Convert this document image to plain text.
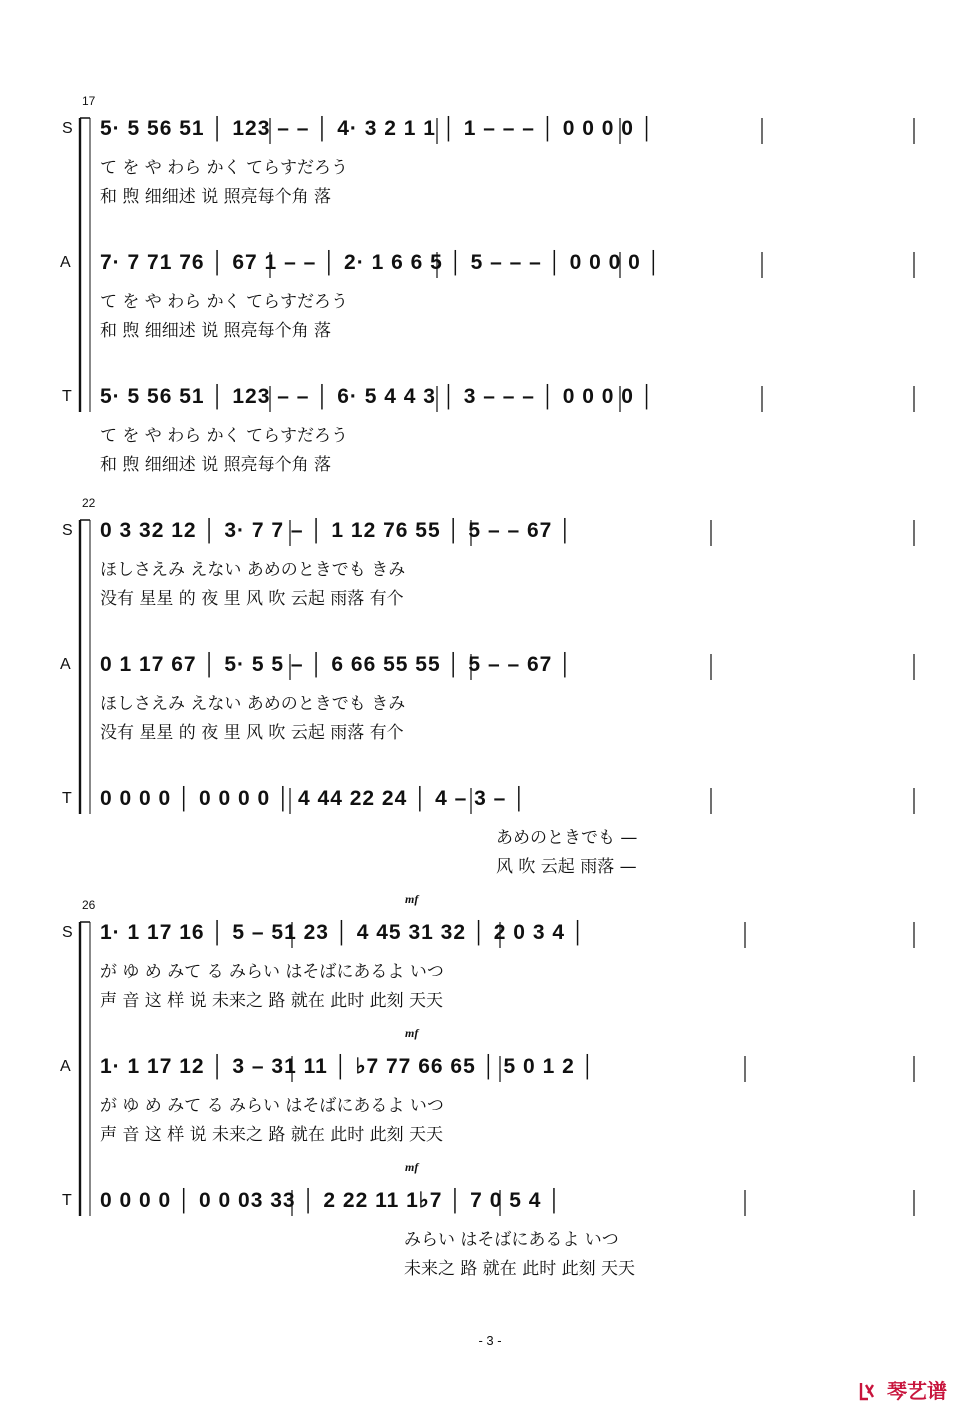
17
S 5· 5 56 51 │ 123 – – │ 4· 3 2 1 1 │ 1 – – – │ 0 0 0 0 │
て を や わら かく てらすだろう
和 煦 细细述 说 照亮每个角 落
A 7· 7 71 76 │ 67 1 – – │ 2· 1 6 6 5 │ 5 – – – │ 0 0 0 0 │
て を や わら かく てらすだろう
和 煦 细细述 说 照亮每个角 落
T 5· 5 56 51 │ 123 – – │ 6· 5 4 4 3 │ 3 – – – │ 0 0 0 0 │
て を や わら かく てらすだろう
和 煦 细细述 说 照亮每个角 落
22
S 0 3 32 12 │ 3· 7 7 – │ 1 12 76 55 │ 5 – – 67 │
ほしさえみ えない あめのときでも きみ
没有 星星 的 夜 里 风 吹 云起 雨落 有个
A 0 1 17 67 │ 5· 5 5 – │ 6 66 55 55 │ 5 – – 67 │
ほしさえみ えない あめのときでも きみ
没有 星星 的 夜 里 风 吹 云起 雨落 有个
T 0 0 0 0 │ 0 0 0 0 │ 4 44 22 24 │ 4 – 3 – │
あめのときでも —
风 吹 云起 雨落 —
26
S 1· 1 17 16 │ 5 – 51 23 │ 4 45 31 32 │ 2 0 3 4 │
が ゆ め みて る みらい はそばにあるよ いつ
声 音 这 样 说 未来之 路 就在 此时 此刻 天天
mf
A 1· 1 17 12 │ 3 – 31 11 │ ♭7 77 66 65 │ 5 0 1 2 │
が ゆ め みて る みらい はそばにあるよ いつ
声 音 这 样 说 未来之 路 就在 此时 此刻 天天
mf
T 0 0 0 0 │ 0 0 03 33 │ 2 22 11 1♭7 │ 7 0 5 4 │
みらい はそばにあるよ いつ
未来之 路 就在 此时 此刻 天天
mf
- 3 -
琴艺谱
